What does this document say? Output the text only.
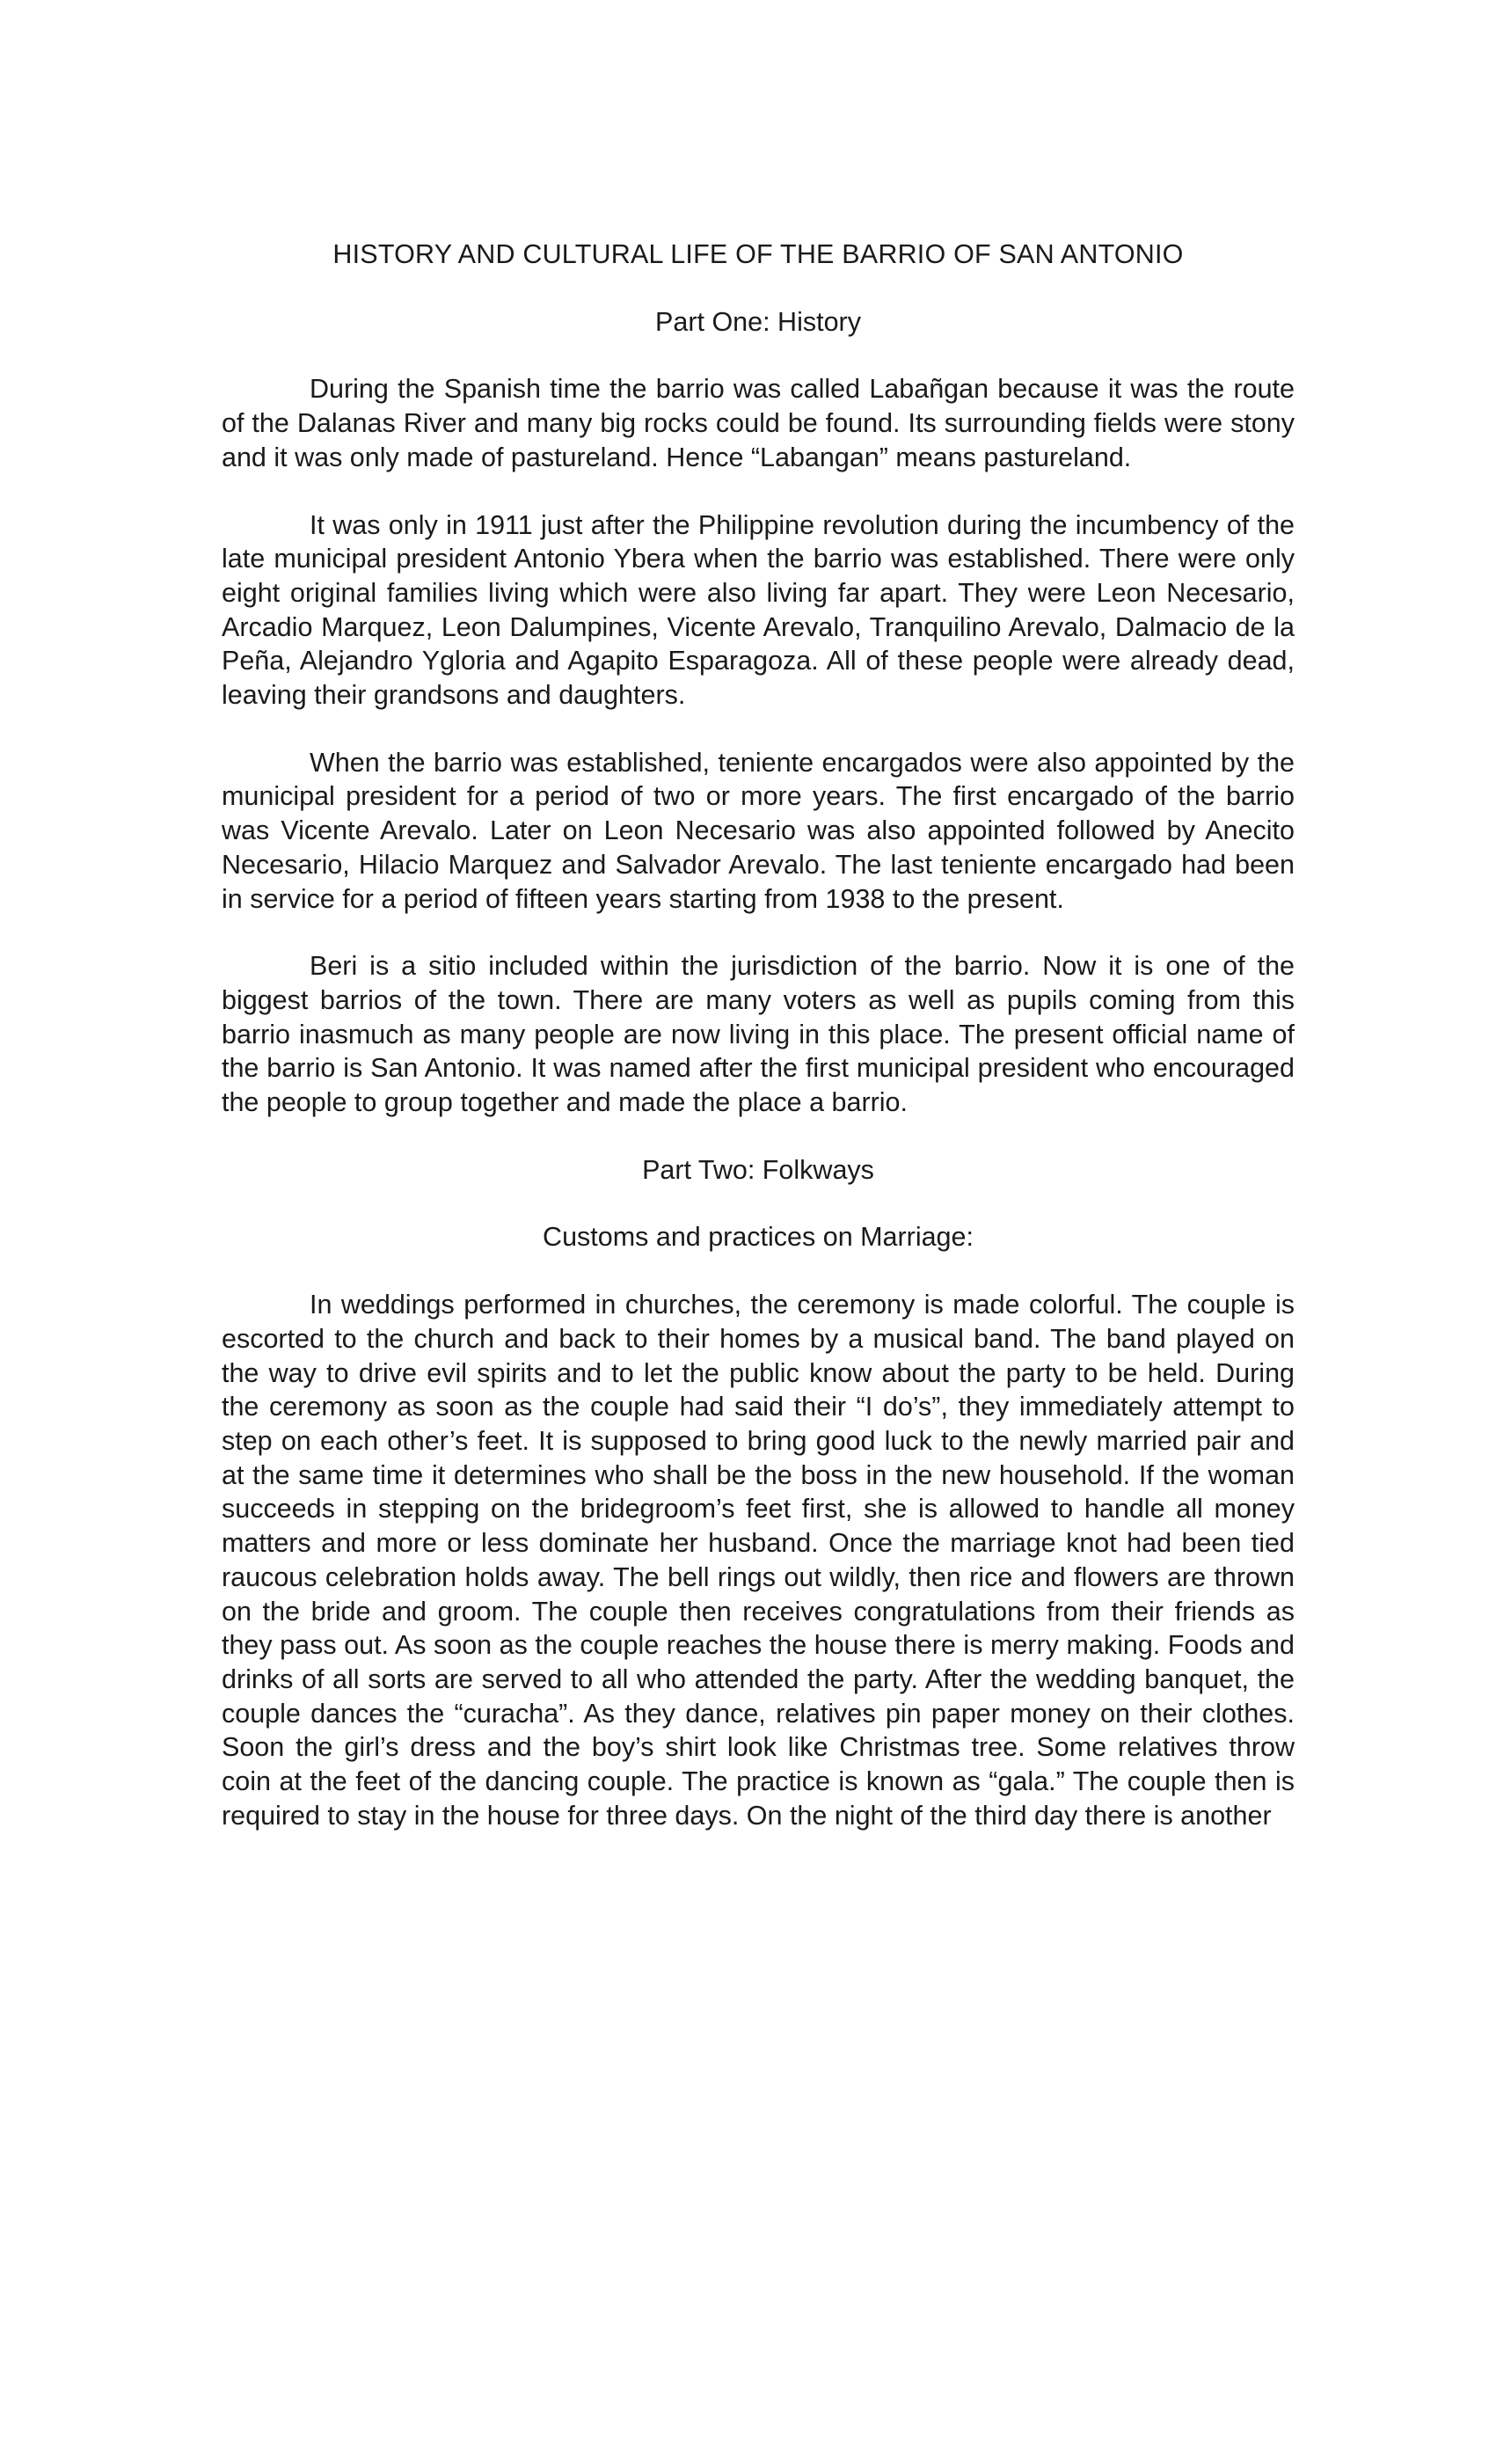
HISTORY AND CULTURAL LIFE OF THE BARRIO OF SAN ANTONIO
Part One: History

During the Spanish time the barrio was called Labañgan because it was the route of the Dalanas River and many big rocks could be found. Its surrounding fields were stony and it was only made of pastureland. Hence “Labangan” means pastureland.

It was only in 1911 just after the Philippine revolution during the incumbency of the late municipal president Antonio Ybera when the barrio was established. There were only eight original families living which were also living far apart. They were Leon Necesario, Arcadio Marquez, Leon Dalumpines, Vicente Arevalo, Tranquilino Arevalo, Dalmacio de la Peña, Alejandro Ygloria and Agapito Esparagoza. All of these people were already dead, leaving their grandsons and daughters.

When the barrio was established, teniente encargados were also appointed by the municipal president for a period of two or more years. The first encargado of the barrio was Vicente Arevalo. Later on Leon Necesario was also appointed followed by Anecito Necesario, Hilacio Marquez and Salvador Arevalo. The last teniente encargado had been in service for a period of fifteen years starting from 1938 to the present.

Beri is a sitio included within the jurisdiction of the barrio. Now it is one of the biggest barrios of the town. There are many voters as well as pupils coming from this barrio inasmuch as many people are now living in this place. The present official name of the barrio is San Antonio. It was named after the first municipal president who encouraged the people to group together and made the place a barrio.

Part Two: Folkways
Customs and practices on Marriage:

In weddings performed in churches, the ceremony is made colorful. The couple is escorted to the church and back to their homes by a musical band. The band played on the way to drive evil spirits and to let the public know about the party to be held. During the ceremony as soon as the couple had said their “I do’s”, they immediately attempt to step on each other’s feet. It is supposed to bring good luck to the newly married pair and at the same time it determines who shall be the boss in the new household. If the woman succeeds in stepping on the bridegroom’s feet first, she is allowed to handle all money matters and more or less dominate her husband. Once the marriage knot had been tied raucous celebration holds away. The bell rings out wildly, then rice and flowers are thrown on the bride and groom. The couple then receives congratulations from their friends as they pass out. As soon as the couple reaches the house there is merry making. Foods and drinks of all sorts are served to all who attended the party. After the wedding banquet, the couple dances the “curacha”. As they dance, relatives pin paper money on their clothes. Soon the girl’s dress and the boy’s shirt look like Christmas tree. Some relatives throw coin at the feet of the dancing couple. The practice is known as “gala.” The couple then is required to stay in the house for three days. On the night of the third day there is another
